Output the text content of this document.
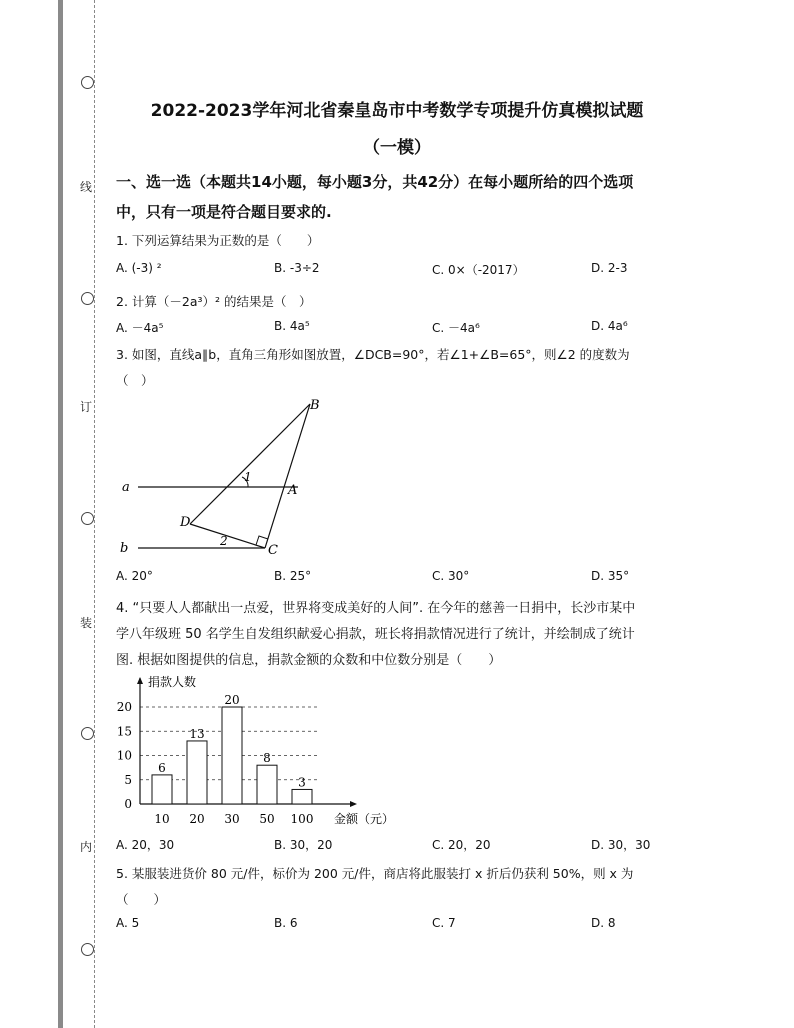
线
订
装
内
2022-2023学年河北省秦皇岛市中考数学专项提升仿真模拟试题
（一模）
一、选一选（本题共14小题，每小题3分，共42分）在每小题所给的四个选项
中，只有一项是符合题目要求的.
1. 下列运算结果为正数的是（　　）
A. (-3) ²	B. -3÷2	C. 0×（-2017）	D. 2-3
2. 计算（－2a³）² 的结果是（　）
A. －4a⁵	B. 4a⁵	C. －4a⁶	D. 4a⁶
3. 如图，直线a∥b，直角三角形如图放置，∠DCB=90°，若∠1+∠B=65°，则∠2 的度数为
（　）
a
b
B
A
D
C
1
2
A. 20°	B. 25°	C. 30°	D. 35°
4. “只要人人都献出一点爱，世界将变成美好的人间”. 在今年的慈善一日捐中，长沙市某中
学八年级班 50 名学生自发组织献爱心捐款，班长将捐款情况进行了统计，并绘制成了统计
图. 根据如图提供的信息，捐款金额的众数和中位数分别是（　　）
0
5
10
15
20
6
10
13
20
20
30
8
50
3
100
捐款人数
金额（元）
A. 20，30	B. 30，20	C. 20，20	D. 30，30
5. 某服装进货价 80 元/件，标价为 200 元/件，商店将此服装打 x 折后仍获利 50%，则 x 为
（　　）
A. 5	B. 6	C. 7	D. 8
